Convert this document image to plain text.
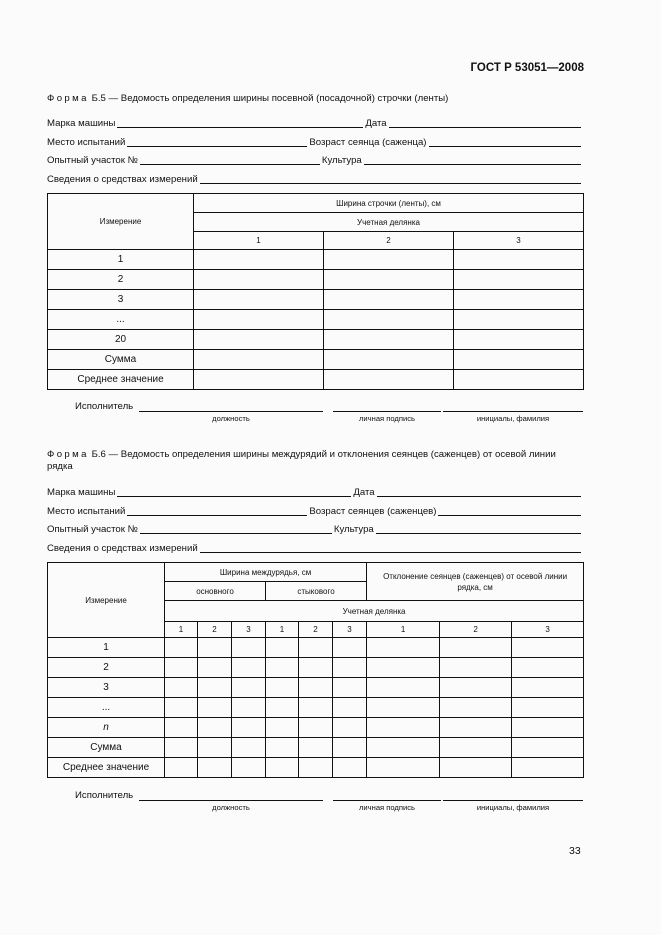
ГОСТ Р 53051—2008
Форма Б.5 — Ведомость определения ширины посевной (посадочной) строчки (ленты)
Марка машины	Дата
Место испытаний	Возраст сеянца (саженца)
Опытный участок №	Культура
Сведения о средствах измерений
Измерение	Ширина строчки (ленты), см		
	Учетная делянка		
	1	2	3
1			
2			
3			
...			
20			
Сумма			
Среднее значение			
Исполнитель
должность	личная подпись	инициалы, фамилия
Форма Б.6 — Ведомость определения ширины междурядий и отклонения сеянцев (саженцев) от осевой линии рядка
Марка машины	Дата
Место испытаний	Возраст сеянцев (саженцев)
Опытный участок №	Культура
Сведения о средствах измерений
Измерение	Ширина междурядья, см						Отклонение сеянцев (саженцев) от осевой линии рядка, см		
	основного			стыкового					
	Учетная делянка								
	1	2	3	1	2	3	1	2	3
1									
2									
3									
...									
n									
Сумма									
Среднее значение									
Исполнитель
должность	личная подпись	инициалы, фамилия
33
